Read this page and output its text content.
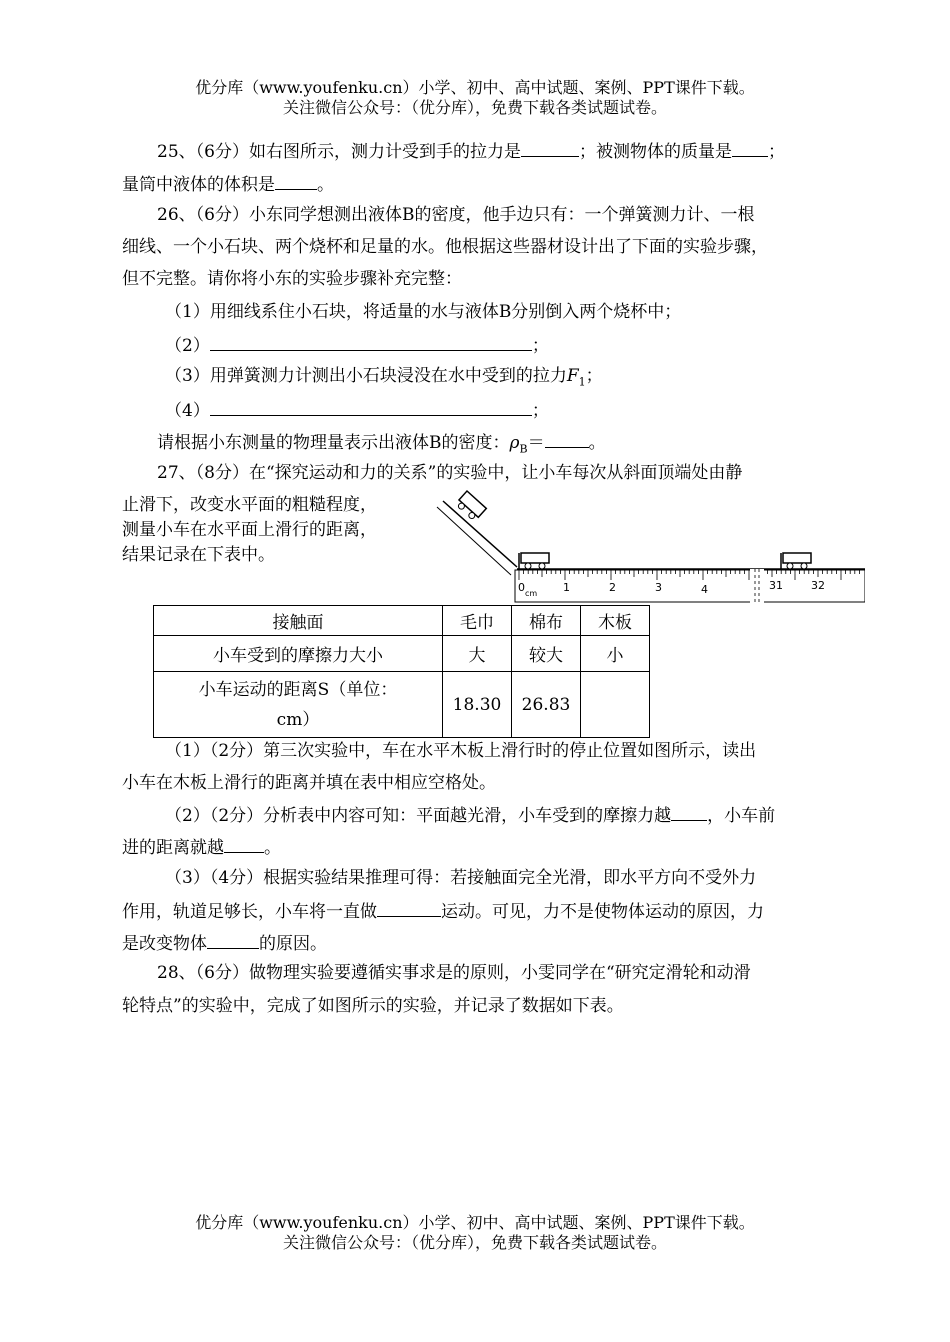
优分库（www.youfenku.cn）小学、初中、高中试题、案例、PPT课件下载。
关注微信公众号：（优分库），免费下载各类试题试卷。
25、（6分）如右图所示，测力计受到手的拉力是	；被测物体的质量是 ；
量筒中液体的体积是 。
26、（6分）小东同学想测出液体B的密度，他手边只有：一个弹簧测力计、一根
细线、一个小石块、两个烧杯和足量的水。他根据这些器材设计出了下面的实验步骤，
但不完整。请你将小东的实验步骤补充完整：
（1）用细线系住小石块，将适量的水与液体B分别倒入两个烧杯中；
（2）	；
（3）用弹簧测力计测出小石块浸没在水中受到的拉力$F_1$；
（4）	；
请根据小东测量的物理量表示出液体B的密度：$\rho_B=$	。
27、（8分）在“探究运动和力的关系”的实验中，让小车每次从斜面顶端处由静
止滑下，改变水平面的粗糙程度，
测量小车在水平面上滑行的距离，
结果记录在下表中。
0 cm 1	2	3	4	31	32
接触面	毛巾	棉布	木板
小车受到的摩擦力大小	大	较大	小

小车运动的距离S（单位：
cm）	18.30	26.83	
（1）（2分）第三次实验中，车在水平木板上滑行时的停止位置如图所示，读出
小车在木板上滑行的距离并填在表中相应空格处。
（2）（2分）分析表中内容可知：平面越光滑，小车受到的摩擦力越 ，小车前
进的距离就越 。
（3）（4分）根据实验结果推理可得：若接触面完全光滑，即水平方向不受外力
作用，轨道足够长，小车将一直做	运动。可见，力不是使物体运动的原因，力
是改变物体	的原因。
28、（6分）做物理实验要遵循实事求是的原则，小雯同学在“研究定滑轮和动滑
轮特点”的实验中，完成了如图所示的实验，并记录了数据如下表。
优分库（www.youfenku.cn）小学、初中、高中试题、案例、PPT课件下载。
关注微信公众号：（优分库），免费下载各类试题试卷。
